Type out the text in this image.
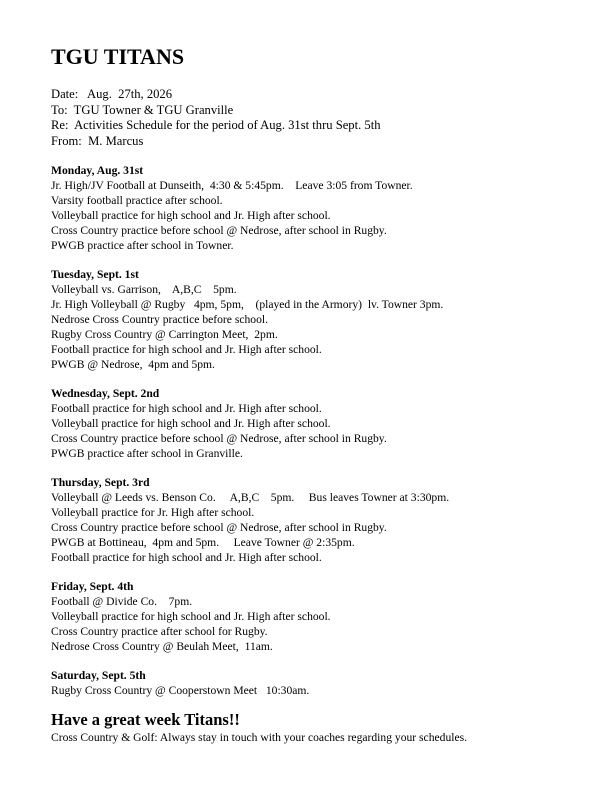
TGU TITANS
Date:   Aug.  27th, 2026
To:  TGU Towner & TGU Granville
Re:  Activities Schedule for the period of Aug. 31st thru Sept. 5th
From:  M. Marcus
Monday, Aug. 31st
Jr. High/JV Football at Dunseith,  4:30 & 5:45pm.    Leave 3:05 from Towner.
Varsity football practice after school.
Volleyball practice for high school and Jr. High after school.
Cross Country practice before school @ Nedrose, after school in Rugby.
PWGB practice after school in Towner.
Tuesday, Sept. 1st
Volleyball vs. Garrison,    A,B,C    5pm.
Jr. High Volleyball @ Rugby   4pm, 5pm,    (played in the Armory)  lv. Towner 3pm.
Nedrose Cross Country practice before school.
Rugby Cross Country @ Carrington Meet,  2pm.
Football practice for high school and Jr. High after school.
PWGB @ Nedrose,  4pm and 5pm.
Wednesday, Sept. 2nd
Football practice for high school and Jr. High after school.
Volleyball practice for high school and Jr. High after school.
Cross Country practice before school @ Nedrose, after school in Rugby.
PWGB practice after school in Granville.
Thursday, Sept. 3rd
Volleyball @ Leeds vs. Benson Co.     A,B,C    5pm.     Bus leaves Towner at 3:30pm.
Volleyball practice for Jr. High after school.
Cross Country practice before school @ Nedrose, after school in Rugby.
PWGB at Bottineau,  4pm and 5pm.     Leave Towner @ 2:35pm.
Football practice for high school and Jr. High after school.
Friday, Sept. 4th
Football @ Divide Co.    7pm.
Volleyball practice for high school and Jr. High after school.
Cross Country practice after school for Rugby.
Nedrose Cross Country @ Beulah Meet,  11am.
Saturday, Sept. 5th
Rugby Cross Country @ Cooperstown Meet   10:30am.
Have a great week Titans!!
Cross Country & Golf: Always stay in touch with your coaches regarding your schedules.
